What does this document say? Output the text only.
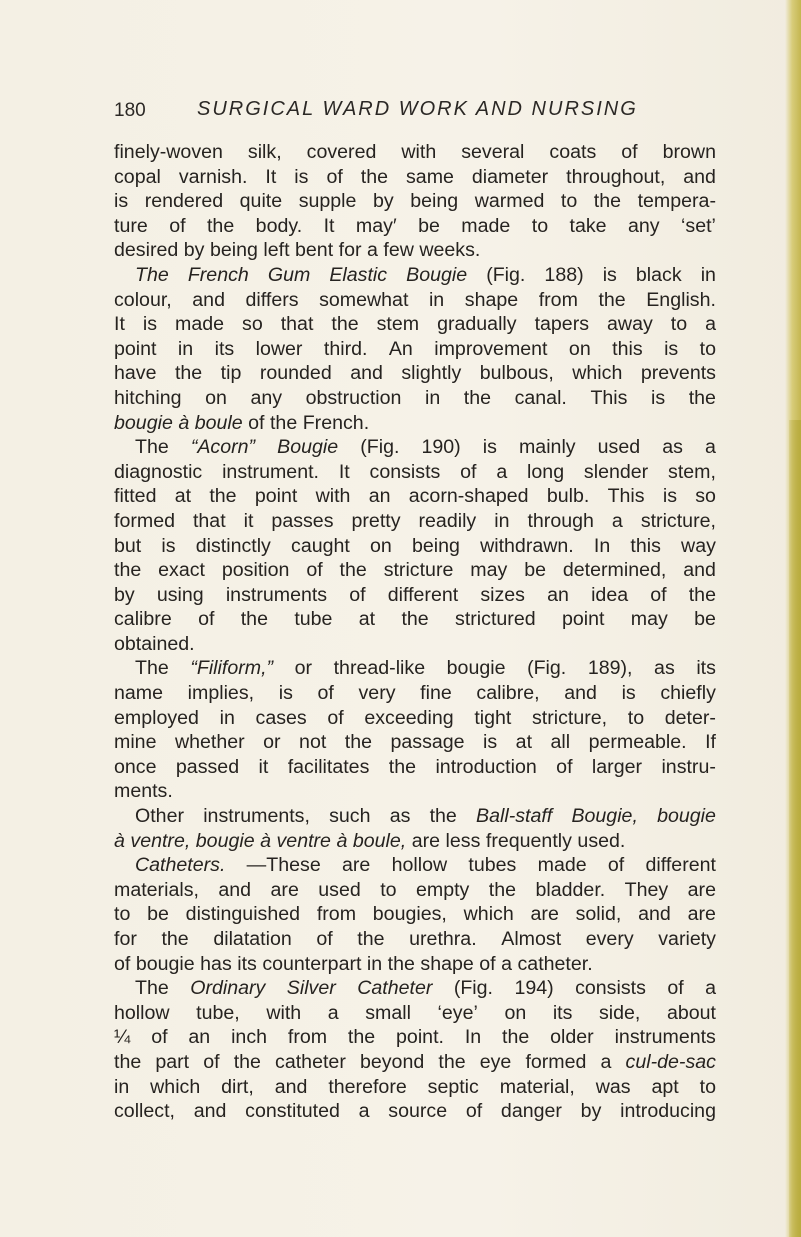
180	SURGICAL WARD WORK AND NURSING
finely-woven silk, covered with several coats of brown
copal varnish. It is of the same diameter throughout, and
is rendered quite supple by being warmed to the tempera-
ture of the body. It may′ be made to take any ‘set’
desired by being left bent for a few weeks.
The French Gum Elastic Bougie (Fig. 188) is black in
colour, and differs somewhat in shape from the English.
It is made so that the stem gradually tapers away to a
point in its lower third. An improvement on this is to
have the tip rounded and slightly bulbous, which prevents
hitching on any obstruction in the canal. This is the
bougie à boule of the French.
The “Acorn” Bougie (Fig. 190) is mainly used as a
diagnostic instrument. It consists of a long slender stem,
fitted at the point with an acorn-shaped bulb. This is so
formed that it passes pretty readily in through a stricture,
but is distinctly caught on being withdrawn. In this way
the exact position of the stricture may be determined, and
by using instruments of different sizes an idea of the
calibre of the tube at the strictured point may be
obtained.
The “Filiform,” or thread-like bougie (Fig. 189), as its
name implies, is of very fine calibre, and is chiefly
employed in cases of exceeding tight stricture, to deter-
mine whether or not the passage is at all permeable. If
once passed it facilitates the introduction of larger instru-
ments.
Other instruments, such as the Ball-staff Bougie, bougie
à ventre, bougie à ventre à boule, are less frequently used.
Catheters. —These are hollow tubes made of different
materials, and are used to empty the bladder. They are
to be distinguished from bougies, which are solid, and are
for the dilatation of the urethra. Almost every variety
of bougie has its counterpart in the shape of a catheter.
The Ordinary Silver Catheter (Fig. 194) consists of a
hollow tube, with a small ‘eye’ on its side, about
¼ of an inch from the point. In the older instruments
the part of the catheter beyond the eye formed a cul-de-sac
in which dirt, and therefore septic material, was apt to
collect, and constituted a source of danger by introducing
